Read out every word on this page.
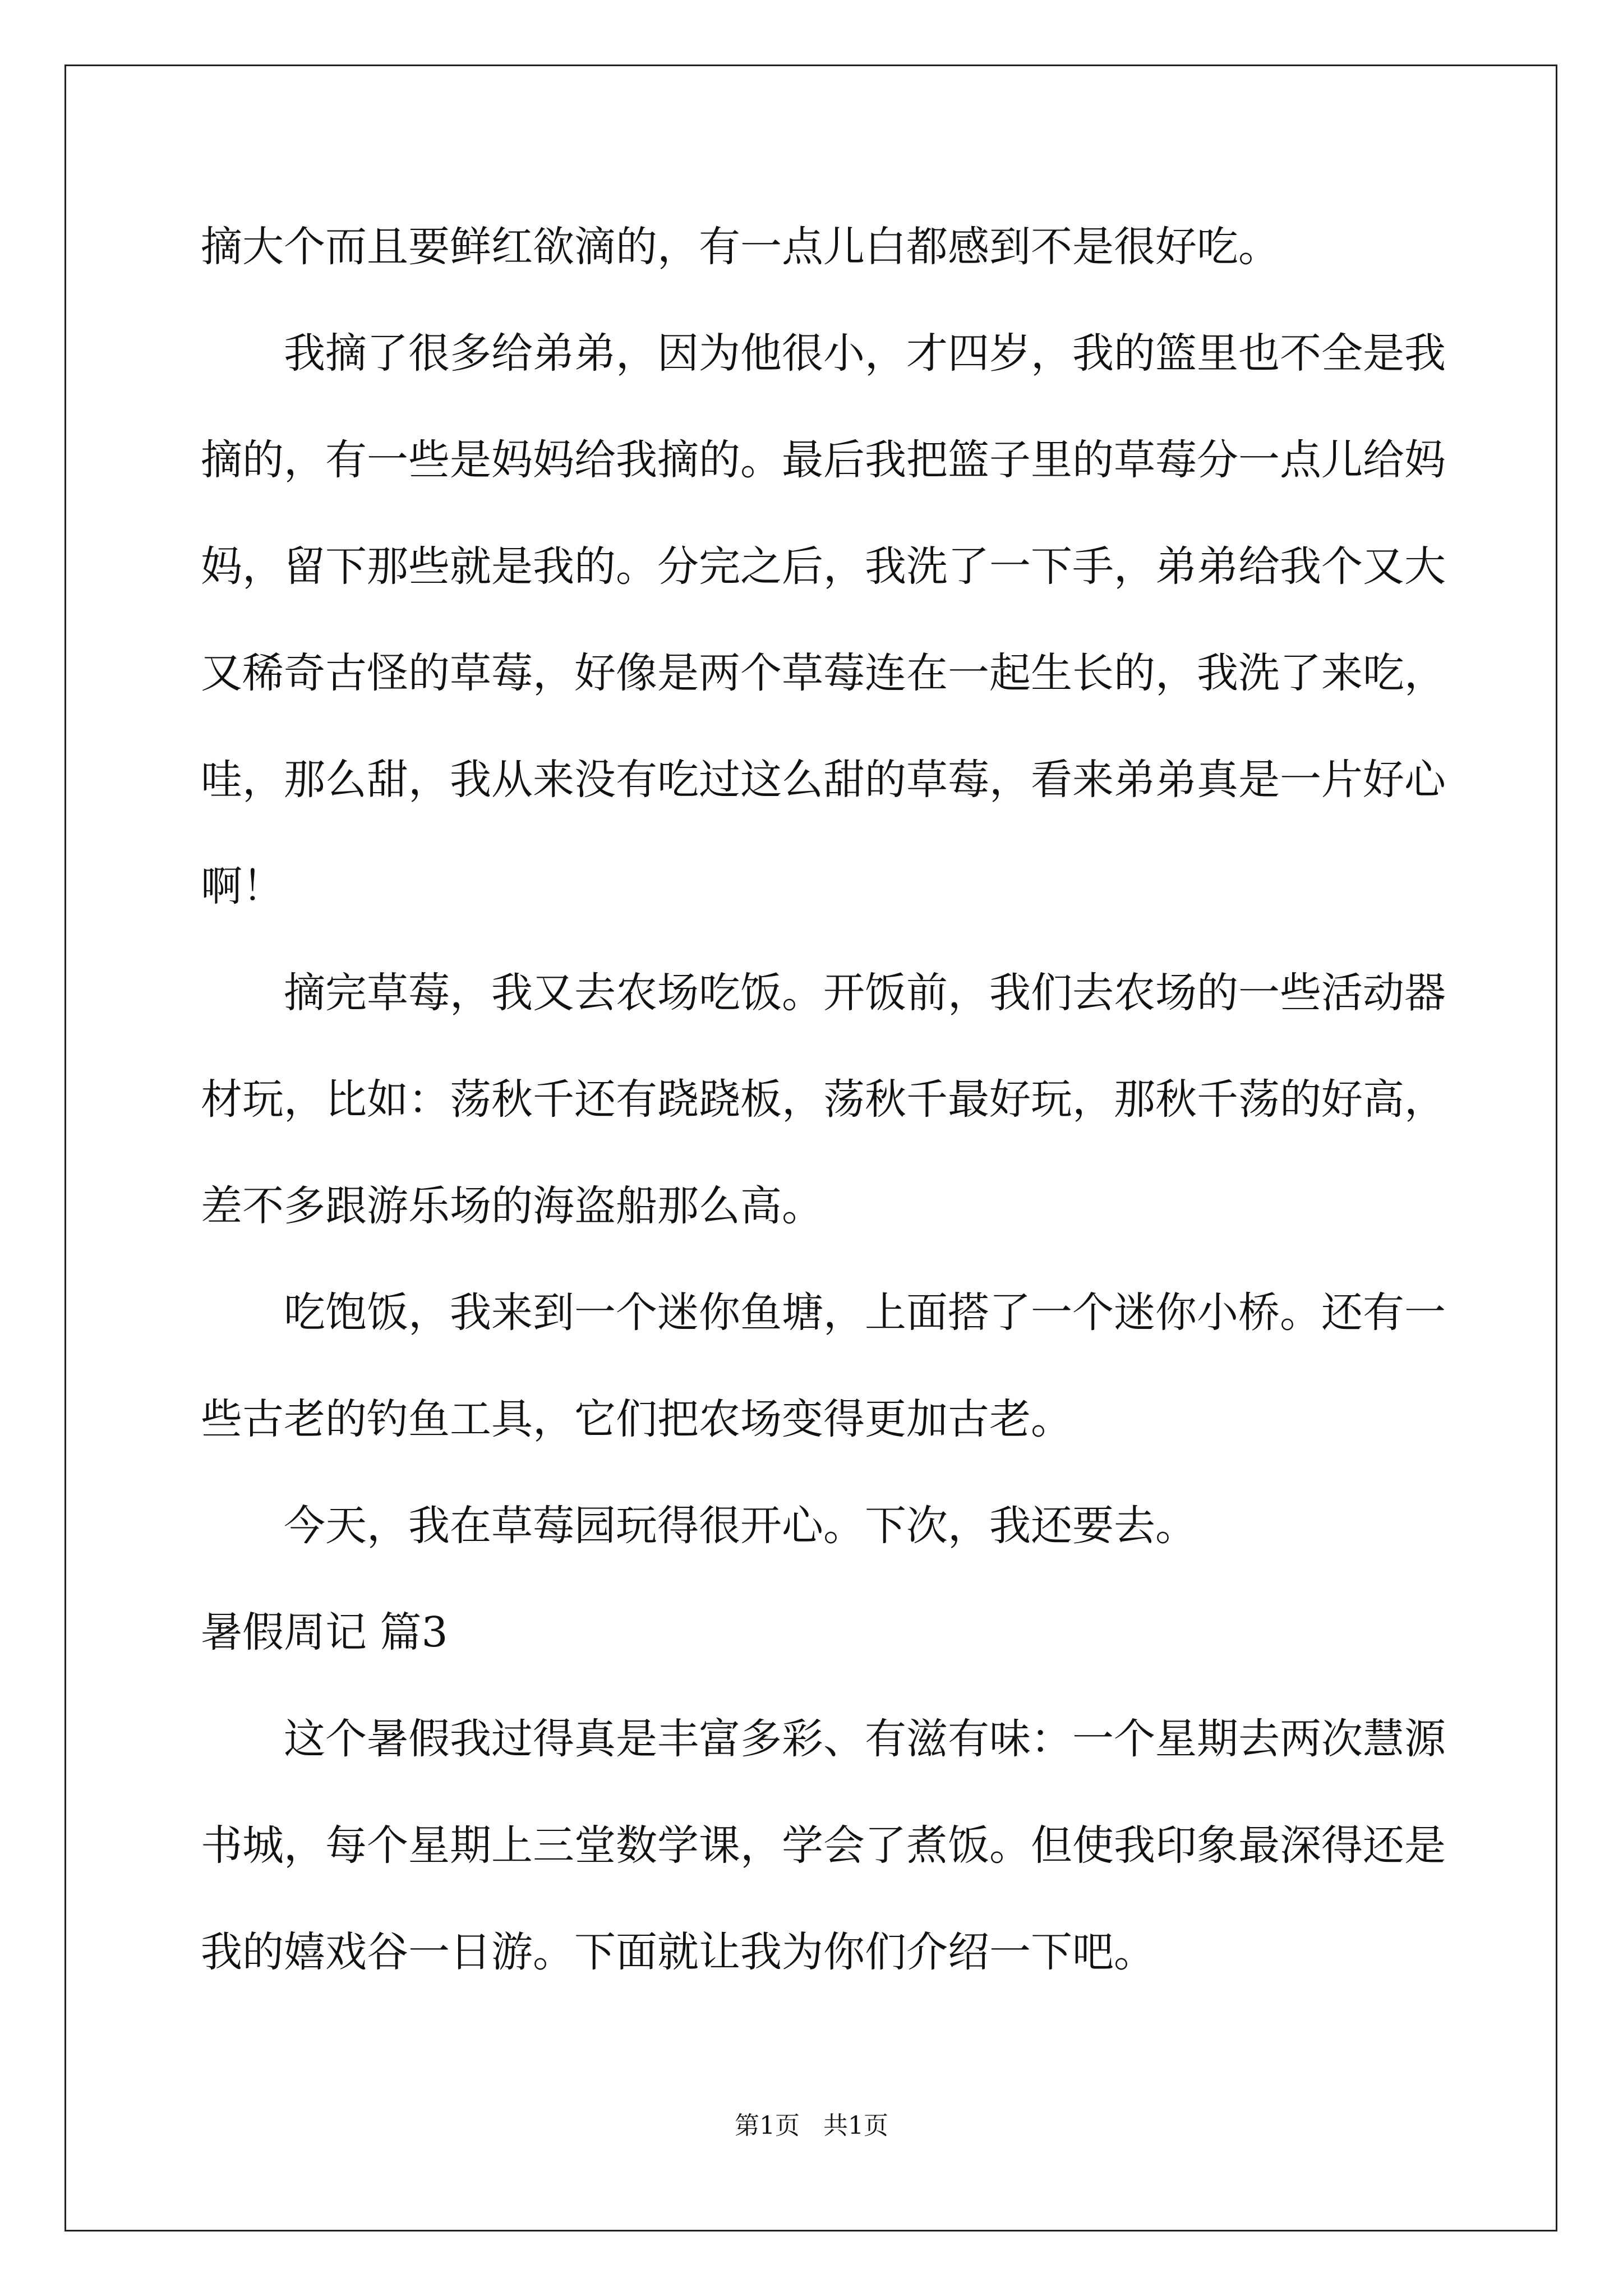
摘大个而且要鲜红欲滴的，有一点儿白都感到不是很好吃。
我摘了很多给弟弟，因为他很小，才四岁，我的篮里也不全是我
摘的，有一些是妈妈给我摘的。最后我把篮子里的草莓分一点儿给妈
妈，留下那些就是我的。分完之后，我洗了一下手，弟弟给我个又大
又稀奇古怪的草莓，好像是两个草莓连在一起生长的，我洗了来吃，
哇，那么甜，我从来没有吃过这么甜的草莓，看来弟弟真是一片好心
啊！
摘完草莓，我又去农场吃饭。开饭前，我们去农场的一些活动器
材玩，比如：荡秋千还有跷跷板，荡秋千最好玩，那秋千荡的好高，
差不多跟游乐场的海盗船那么高。
吃饱饭，我来到一个迷你鱼塘，上面搭了一个迷你小桥。还有一
些古老的钓鱼工具，它们把农场变得更加古老。
今天，我在草莓园玩得很开心。下次，我还要去。
暑假周记 篇3
这个暑假我过得真是丰富多彩、有滋有味：一个星期去两次慧源
书城，每个星期上三堂数学课，学会了煮饭。但使我印象最深得还是
我的嬉戏谷一日游。下面就让我为你们介绍一下吧。
第1页   共1页
